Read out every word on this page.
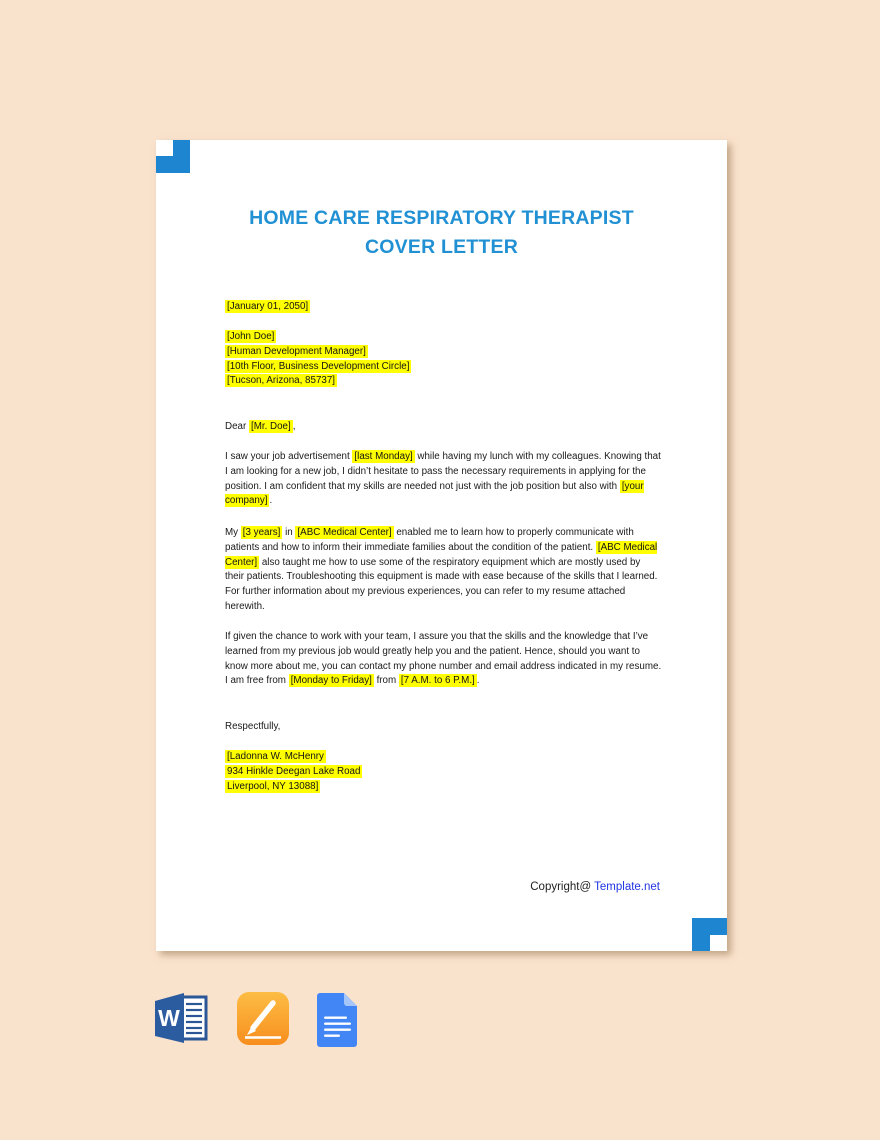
HOME CARE RESPIRATORY THERAPIST
COVER LETTER
[January 01, 2050]
[John Doe]
[Human Development Manager]
[10th Floor, Business Development Circle]
[Tucson, Arizona, 85737]
Dear [Mr. Doe] ,
I saw your job advertisement [last Monday] while having my lunch with my colleagues. Knowing that I am looking for a new job, I didn’t hesitate to pass the necessary requirements in applying for the position. I am confident that my skills are needed not just with the job position but also with [your company] .
My [3 years] in [ABC Medical Center] enabled me to learn how to properly communicate with patients and how to inform their immediate families about the condition of the patient. [ABC Medical Center] also taught me how to use some of the respiratory equipment which are mostly used by their patients. Troubleshooting this equipment is made with ease because of the skills that I learned. For further information about my previous experiences, you can refer to my resume attached herewith.
If given the chance to work with your team, I assure you that the skills and the knowledge that I’ve learned from my previous job would greatly help you and the patient. Hence, should you want to know more about me, you can contact my phone number and email address indicated in my resume. I am free from [Monday to Friday] from [7 A.M. to 6 P.M.] .
Respectfully,
[Ladonna W. McHenry
934 Hinkle Deegan Lake Road
Liverpool, NY 13088]
Copyright@ Template.net
W
